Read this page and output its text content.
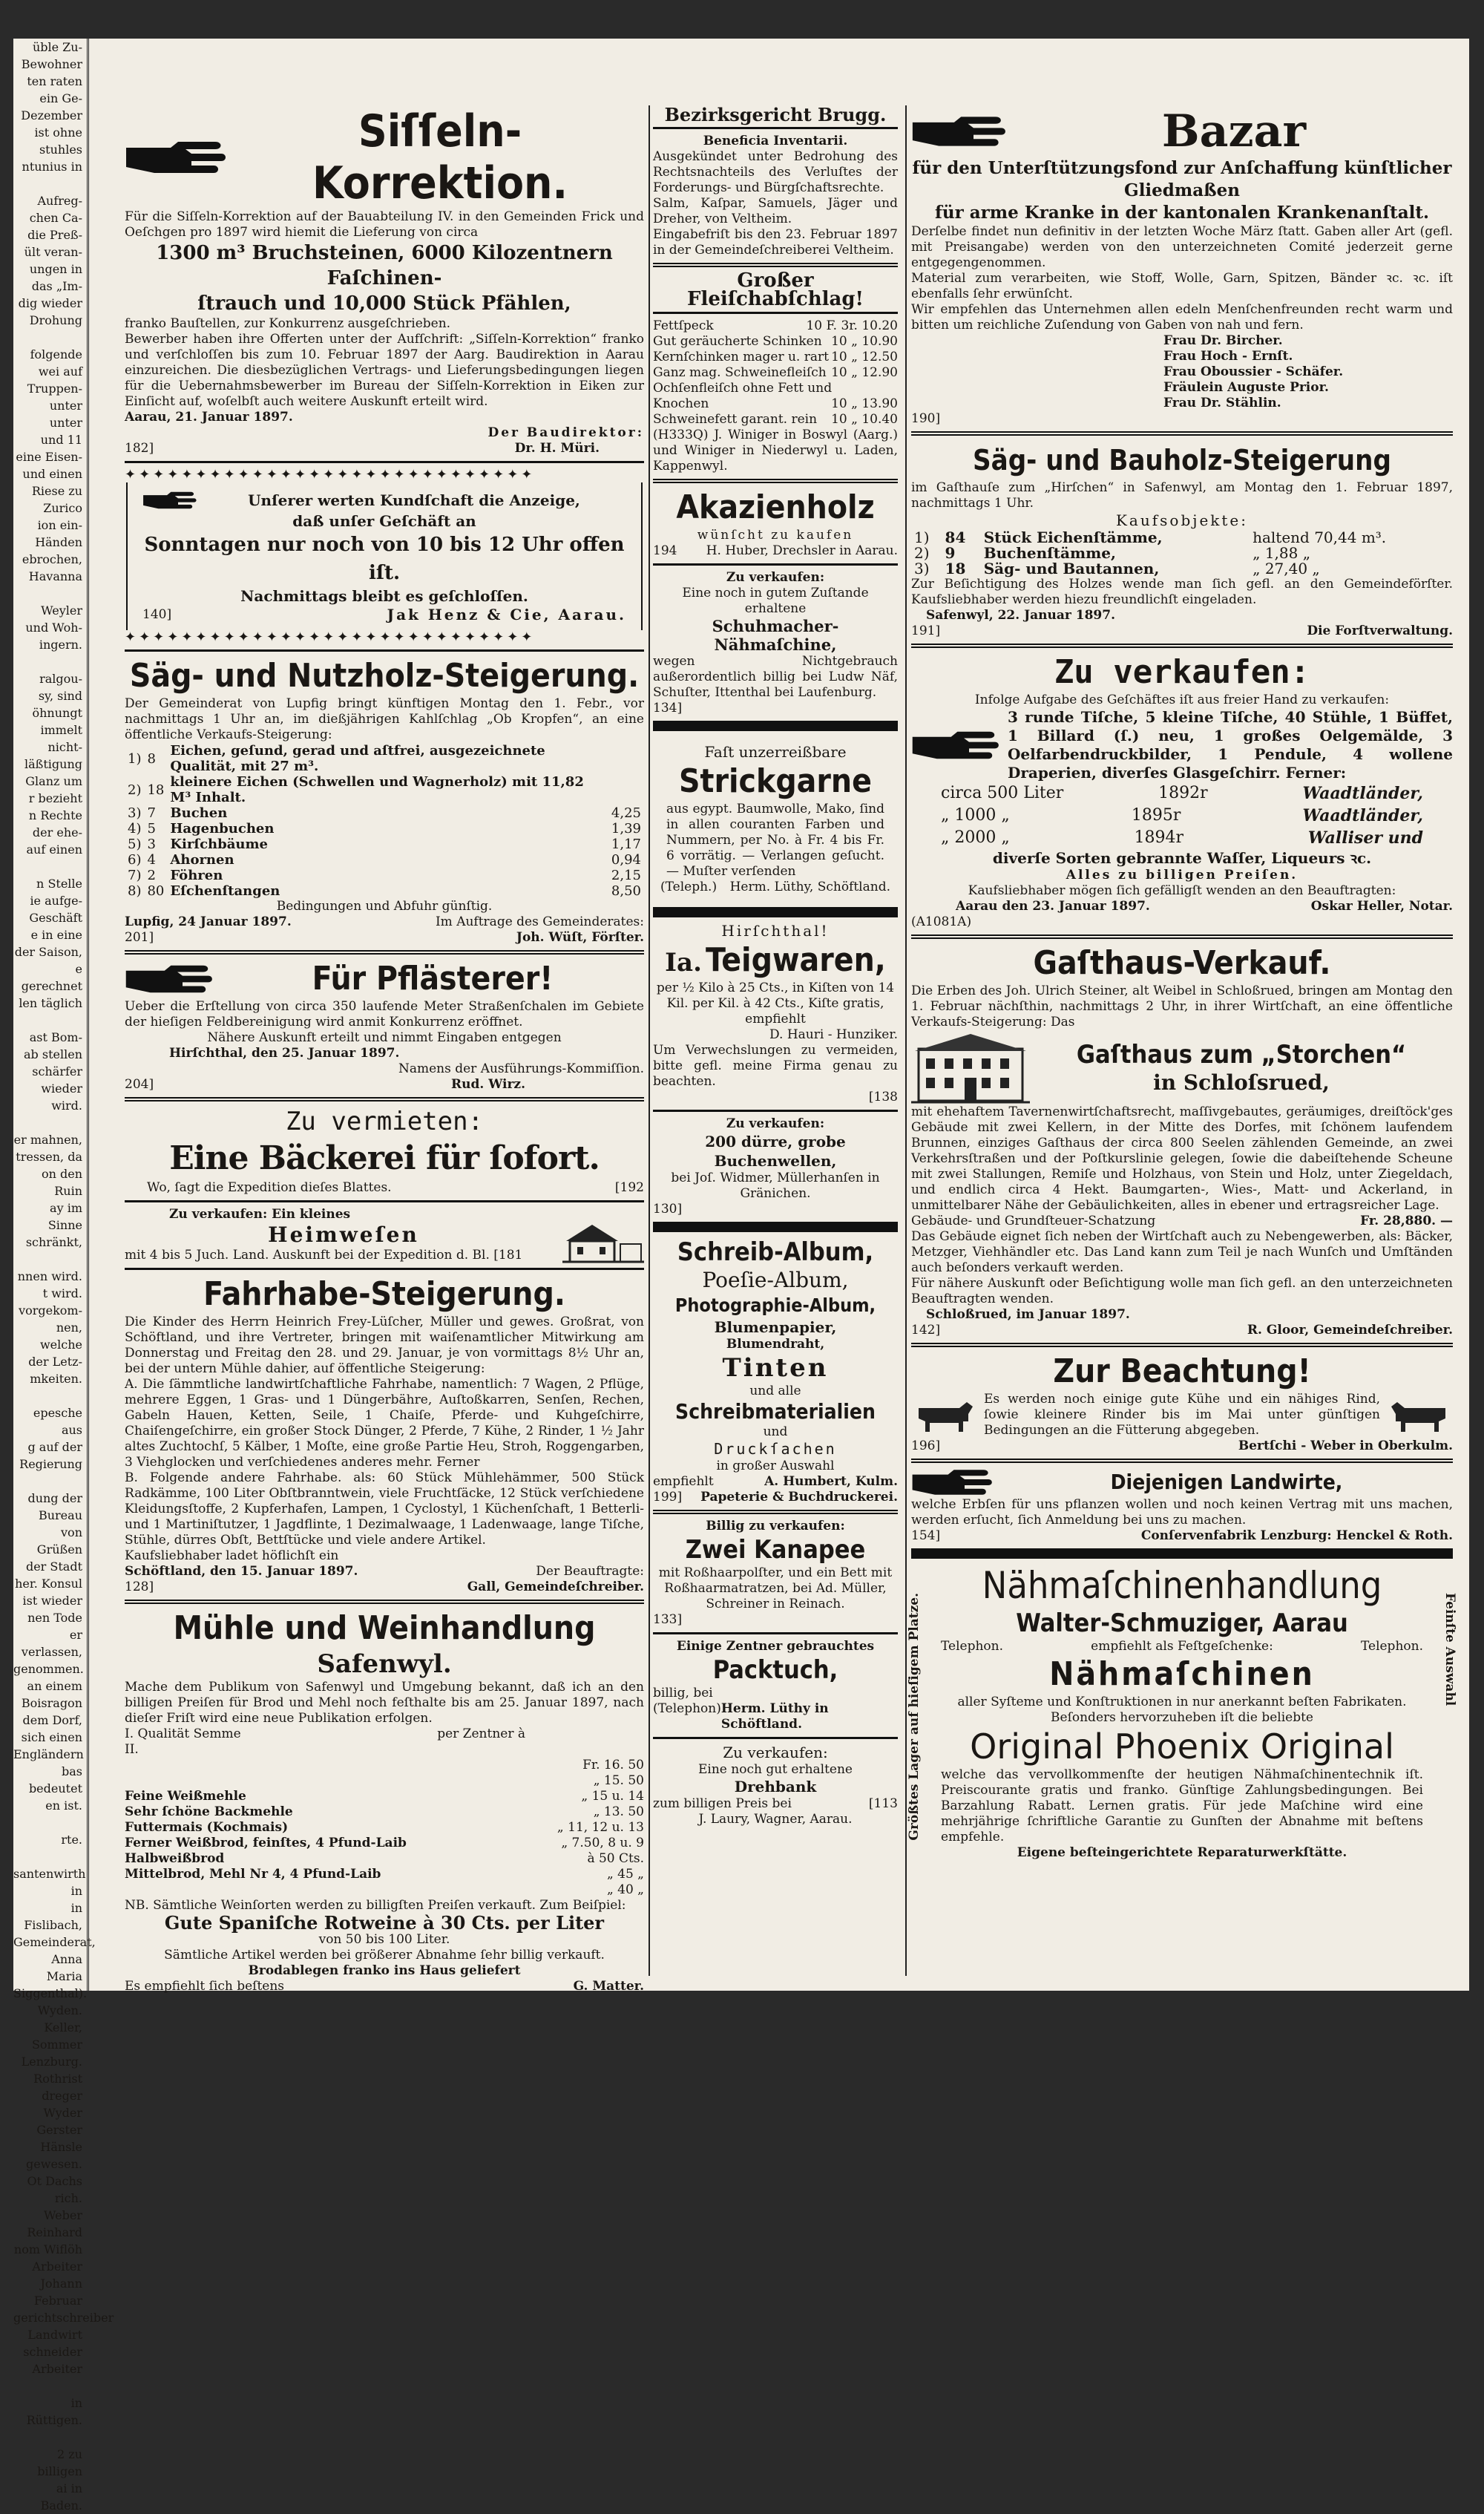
üble Zu-
Bewohner
ten raten
ein Ge-
Dezember
ist ohne
stuhles
ntunius in
Aufreg-
chen Ca-
die Preß-
ült veran-
ungen in
das „Im-
dig wieder
Drohung
folgende
wei auf
Truppen-
unter unter
und 11
eine Eisen-
und einen
Riese zu
Zurico
ion ein-
Händen
ebrochen,
Havanna
Weyler
und Woh-
ingern.
ralgou-
sy, sind
öhnungt
immelt nicht-
läßtigung
Glanz um
r bezieht
n Rechte
der ehe-
auf einen
n Stelle
ie aufge-
Geschäft
e in eine
der Saison,
e gerechnet
len täglich
ast Bom-
ab stellen
schärfer
wieder wird.
er mahnen,
tressen, da
on den Ruin
ay im Sinne
schränkt,
nnen wird.
t wird.
vorgekom-
nen, welche
der Letz-
mkeiten.
epesche aus
g auf der
Regierung
dung der
Bureau von
Grüßen
der Stadt
her. Konsul
ist wieder
nen Tode
er verlassen,
genommen.
an einem
Boisragon
dem Dorf,
sich einen
Engländern
bas bedeutet
en ist.
rte.
santenwirth in
in Fislibach,
Gemeinderat,
Anna Maria
Siggenthal).
Wyden.
Keller,
Sommer
Lenzburg.
Rothrist
dreger Wyder
Gerster
Hänsle
gewesen.
Ot Dachs
rich.
Weber
Reinhard
nom Wiflöh
Arbeiter
Johann
Februar
gerichtschreiber
Landwirt
schneider
Arbeiter
in Rüttigen.
2 zu billigen
ai in Baden.
Siſſeln-Korrektion.
Für die Siſſeln-Korrektion auf der Bauabteilung IV. in den Gemeinden Frick und Oeſchgen pro 1897 wird hiemit die Lieferung von circa
1300 m³ Bruchsteinen, 6000 Kilozentnern Faſchinen-
ſtrauch und 10,000 Stück Pfählen,
franko Bauſtellen, zur Konkurrenz ausgeſchrieben.
Bewerber haben ihre Offerten unter der Aufſchrift: „Siſſeln-Korrektion“ franko und verſchloſſen bis zum 10. Februar 1897 der Aarg. Baudirektion in Aarau einzureichen. Die diesbezüglichen Vertrags- und Lieferungsbedingungen liegen für die Uebernahmsbewerber im Bureau der Siſſeln-Korrektion in Eiken zur Einſicht auf, woſelbſt auch weitere Auskunft erteilt wird.
Aarau, 21. Januar 1897.
Der Baudirektor:
182]	Dr. H. Müri.
✦✦✦✦✦✦✦✦✦✦✦✦✦✦✦✦✦✦✦✦✦✦✦✦✦✦✦✦✦
Unſerer werten Kundſchaft die Anzeige,
daß unſer Geſchäft an
Sonntagen nur noch von 10 bis 12 Uhr offen iſt.
Nachmittags bleibt es geſchloſſen.
140]	Jak Henz & Cie, Aarau.
✦✦✦✦✦✦✦✦✦✦✦✦✦✦✦✦✦✦✦✦✦✦✦✦✦✦✦✦✦
Säg- und Nutzholz-Steigerung.
Der Gemeinderat von Lupfig bringt künftigen Montag den 1. Febr., vor nachmittags 1 Uhr an, im dießjährigen Kahlſchlag „Ob Kropfen“, an eine öffentliche Verkaufs-Steigerung:
1)	8	Eichen, geſund, gerad und aſtfrei, ausgezeichnete Qualität, mit 27 m³.	
2)	18	kleinere Eichen (Schwellen und Wagnerholz) mit 11,82 M³ Inhalt.	
3)	7	Buchen	4,25
4)	5	Hagenbuchen	1,39
5)	3	Kirſchbäume	1,17
6)	4	Ahornen	0,94
7)	2	Föhren	2,15
8)	80	Eſchenſtangen	8,50
Bedingungen und Abfuhr günſtig.
Lupfig, 24 Januar 1897.	Im Auftrage des Gemeinderates:
201]	Joh. Wüſt, Förſter.
Für Pflästerer!
Ueber die Erſtellung von circa 350 laufende Meter Straßenſchalen im Gebiete der hieſigen Feldbereinigung wird anmit Konkurrenz eröffnet.
Nähere Auskunft erteilt und nimmt Eingaben entgegen
Hirſchthal, den 25. Januar 1897.
Namens der Ausführungs-Kommiſſion.
204]	Rud. Wirz.
Zu vermieten:
Eine Bäckerei für ſofort.
Wo, ſagt die Expedition dieſes Blattes.	[192
Zu verkaufen: Ein kleines
Heimweſen
mit 4 bis 5 Juch. Land. Auskunft bei der Expedition d. Bl. [181
Fahrhabe-Steigerung.
Die Kinder des Herrn Heinrich Frey-Lüſcher, Müller und gewes. Großrat, von Schöftland, und ihre Vertreter, bringen mit waiſenamtlicher Mitwirkung am Donnerstag und Freitag den 28. und 29. Januar, je von vormittags 8½ Uhr an, bei der untern Mühle dahier, auf öffentliche Steigerung:
A. Die ſämmtliche landwirtſchaftliche Fahrhabe, namentlich: 7 Wagen, 2 Pflüge, mehrere Eggen, 1 Gras- und 1 Düngerbähre, Auſtoßkarren, Senſen, Rechen, Gabeln Hauen, Ketten, Seile, 1 Chaiſe, Pferde- und Kuhgeſchirre, Chaiſengeſchirre, ein großer Stock Dünger, 2 Pferde, 7 Kühe, 2 Rinder, 1 ½ Jahr altes Zuchtochſ, 5 Kälber, 1 Moſte, eine große Partie Heu, Stroh, Roggengarben, 3 Viehglocken und verſchiedenes anderes mehr. Ferner
B. Folgende andere Fahrhabe. als: 60 Stück Mühlehämmer, 500 Stück Radkämme, 100 Liter Obſtbranntwein, viele Fruchtſäcke, 12 Stück verſchiedene Kleidungsſtoffe, 2 Kupferhafen, Lampen, 1 Cyclostyl, 1 Küchenſchaft, 1 Betterli- und 1 Martiniſtutzer, 1 Jagdflinte, 1 Dezimalwaage, 1 Ladenwaage, lange Tiſche, Stühle, dürres Obſt, Bettſtücke und viele andere Artikel.
Kaufsliebhaber ladet höflichſt ein
Schöftland, den 15. Januar 1897.	Der Beauftragte:
128]	Gall, Gemeindeſchreiber.
Mühle und Weinhandlung
Safenwyl.
Mache dem Publikum von Safenwyl und Umgebung bekannt, daß ich an den billigen Preiſen für Brod und Mehl noch feſthalte bis am 25. Januar 1897, nach dieſer Friſt wird eine neue Publikation erfolgen.
I. Qualität Semme	per Zentner à
II.
Fr. 16. 50
„ 15. 50
Feine Weißmehle	„ 15 u. 14
Sehr ſchöne Backmehle	„ 13. 50
Futtermais (Kochmais)	„ 11, 12 u. 13
Ferner Weißbrod, feinſtes, 4 Pfund-Laib	„ 7.50, 8 u. 9
Halbweißbrod	à 50 Cts.
Mittelbrod, Mehl Nr 4, 4 Pfund-Laib	„ 45 „
„ 40 „
NB. Sämtliche Weinſorten werden zu billigſten Preiſen verkauft. Zum Beiſpiel:
Gute Spaniſche Rotweine à 30 Cts. per Liter
von 50 bis 100 Liter.
Sämtliche Artikel werden bei größerer Abnahme ſehr billig verkauft.
Brodablegen franko ins Haus geliefert
Es empfiehlt ſich beſtens	G. Matter.
Bezirksgericht Brugg.
Beneficia Inventarii.
Ausgekündet unter Bedrohung des Rechtsnachteils des Verluſtes der Forderungs- und Bürgſchaftsrechte.
Salm, Kaſpar, Samuels, Jäger und Dreher, von Veltheim.
Eingabefriſt bis den 23. Februar 1897 in der Gemeindeſchreiberei Veltheim.
Großer Fleiſchabſchlag!
Fettſpeck	10 F. 3r. 10.20
Gut geräucherte Schinken 10 „ 10.90
Kernſchinken mager u. rart 10 „ 12.50
Ganz mag. Schweinefleiſch 10 „ 12.90
Ochſenfleiſch ohne Fett und
Knochen	10 „ 13.90
Schweinefett garant. rein 10 „ 10.40
(H333Q) J. Winiger in Boswyl (Aarg.) und Winiger in Niederwyl u. Laden, Kappenwyl.
Akazienholz
wünſcht zu kaufen
194 H. Huber, Drechsler in Aarau.
Zu verkaufen:
Eine noch in gutem Zuſtande erhaltene
Schuhmacher-Nähmaſchine,
wegen Nichtgebrauch außerordentlich billig bei Ludw Näf, Schuſter, Ittenthal bei Laufenburg.
134]
Faſt unzerreißbare
Strickgarne
aus egypt. Baumwolle, Mako, ſind in allen couranten Farben und Nummern, per No. à Fr. 4 bis Fr. 6 vorrätig. — Verlangen geſucht. — Muſter verſenden
(Teleph.) Herm. Lüthy, Schöftland.
Hirſchthal!
Ia. Teigwaren,
per ½ Kilo à 25 Cts., in Kiſten von 14 Kil. per Kil. à 42 Cts., Kiſte gratis, empfiehlt
D. Hauri - Hunziker.
Um Verwechslungen zu vermeiden, bitte gefl. meine Firma genau zu beachten.
[138
Zu verkaufen:
200 dürre, grobe Buchenwellen,
bei Joſ. Widmer, Müllerhanſen in Gränichen.
130]
Schreib-Album,
Poeſie-Album,
Photographie-Album,
Blumenpapier,
Blumendraht,
Tinten
und alle
Schreibmaterialien
und
Druckſachen
in großer Auswahl
empfiehlt	A. Humbert, Kulm.
199] Papeterie & Buchdruckerei.
Billig zu verkaufen:
Zwei Kanapee
mit Roßhaarpolſter, und ein Bett mit Roßhaarmatratzen, bei Ad. Müller, Schreiner in Reinach.
133]
Einige Zentner gebrauchtes
Packtuch,
billig, bei
(Telephon) Herm. Lüthy in Schöftland.
Zu verkaufen:
Eine noch gut erhaltene
Drehbank
zum billigen Preis bei	[113
J. Laury, Wagner, Aarau.
Bazar
für den Unterſtützungsfond zur Anſchaffung künſtlicher Gliedmaßen
für arme Kranke in der kantonalen Krankenanſtalt.
Derſelbe findet nun definitiv in der letzten Woche März ſtatt. Gaben aller Art (gefl. mit Preisangabe) werden von den unterzeichneten Comité jederzeit gerne entgegengenommen.
Material zum verarbeiten, wie Stoff, Wolle, Garn, Spitzen, Bänder ꝛc. ꝛc. iſt ebenfalls ſehr erwünſcht.
Wir empfehlen das Unternehmen allen edeln Menſchenfreunden recht warm und bitten um reichliche Zuſendung von Gaben von nah und fern.
Frau Dr. Bircher.
Frau Hoch - Ernſt.
Frau Oboussier - Schäfer.
Fräulein Auguste Prior.
Frau Dr. Stählin.
190]
Säg- und Bauholz-Steigerung
im Gaſthauſe zum „Hirſchen“ in Safenwyl, am Montag den 1. Februar 1897, nachmittags 1 Uhr.
Kaufsobjekte:
1)	84	Stück Eichenſtämme,	haltend 70,44 m³.
2)	9	Buchenſtämme,	„ 1,88 „
3)	18	Säg- und Bautannen,	„ 27,40 „
Zur Beſichtigung des Holzes wende man ſich gefl. an den Gemeindeförſter. Kaufsliebhaber werden hiezu freundlichſt eingeladen.
Safenwyl, 22. Januar 1897.
191]	Die Forſtverwaltung.
Zu verkaufen:
Infolge Aufgabe des Geſchäftes iſt aus freier Hand zu verkaufen:
3 runde Tiſche, 5 kleine Tiſche, 40 Stühle, 1 Büffet, 1 Billard (ſ.) neu, 1 großes Oelgemälde, 3 Oelfarbendruckbilder, 1 Pendule, 4 wollene Draperien, diverſes Glasgeſchirr. Ferner:
circa 500 Liter	1892r	Waadtländer,
„ 1000 „	1895r	Waadtländer,
„ 2000 „	1894r	Walliser und
diverſe Sorten gebrannte Waſſer, Liqueurs ꝛc.
Alles zu billigen Preiſen.
Kaufsliebhaber mögen ſich gefälligſt wenden an den Beauftragten:
Aarau den 23. Januar 1897.	Oskar Heller, Notar.
(A1081A)
Gaſthaus-Verkauf.
Die Erben des Joh. Ulrich Steiner, alt Weibel in Schloßrued, bringen am Montag den 1. Februar nächſthin, nachmittags 2 Uhr, in ihrer Wirtſchaft, an eine öffentliche Verkaufs-Steigerung: Das
Gaſthaus zum „Storchen“
in Schloſsrued,
mit ehehaftem Tavernenwirtſchaftsrecht, maſſivgebautes, geräumiges, dreiſtöck'ges Gebäude mit zwei Kellern, in der Mitte des Dorfes, mit ſchönem laufendem Brunnen, einziges Gaſthaus der circa 800 Seelen zählenden Gemeinde, an zwei Verkehrsſtraßen und der Poſtkurslinie gelegen, ſowie die dabeiſtehende Scheune mit zwei Stallungen, Remiſe und Holzhaus, von Stein und Holz, unter Ziegeldach, und endlich circa 4 Hekt. Baumgarten-, Wies-, Matt- und Ackerland, in unmittelbarer Nähe der Gebäulichkeiten, alles in ebener und ertragsreicher Lage.
Gebäude- und Grundſteuer-Schatzung	Fr. 28,880. —
Das Gebäude eignet ſich neben der Wirtſchaft auch zu Nebengewerben, als: Bäcker, Metzger, Viehhändler etc. Das Land kann zum Teil je nach Wunſch und Umſtänden auch beſonders verkauft werden.
Für nähere Auskunft oder Beſichtigung wolle man ſich gefl. an den unterzeichneten Beauftragten wenden.
Schloßrued, im Januar 1897.
142]	R. Gloor, Gemeindeſchreiber.
Zur Beachtung!
Es werden noch einige gute Kühe und ein nähiges Rind, ſowie kleinere Rinder bis im Mai unter günſtigen Bedingungen an die Fütterung abgegeben.
196]	Bertſchi - Weber in Oberkulm.
Diejenigen Landwirte,
welche Erbſen für uns pflanzen wollen und noch keinen Vertrag mit uns machen, werden erſucht, ſich Anmeldung bei uns zu machen.
154]	Conſervenfabrik Lenzburg: Henckel & Roth.
Nähmaſchinenhandlung
Walter-Schmuziger, Aarau
Telephon.	empfiehlt als Feſtgeſchenke:	Telephon.
Nähmaſchinen
aller Syſteme und Konſtruktionen in nur anerkannt beſten Fabrikaten. Beſonders hervorzuheben iſt die beliebte
Original Phoenix Original
welche das vervollkommenſte der heutigen Nähmaſchinentechnik iſt. Preiscourante gratis und franko. Günſtige Zahlungsbedingungen. Bei Barzahlung Rabatt. Lernen gratis. Für jede Maſchine wird eine mehrjährige ſchriftliche Garantie zu Gunſten der Abnahme mit beſtens empfehle.
Eigene beſteingerichtete Reparaturwerkſtätte.
Größtes Lager auf hieſigem Platze.	Feinſte Auswahl
